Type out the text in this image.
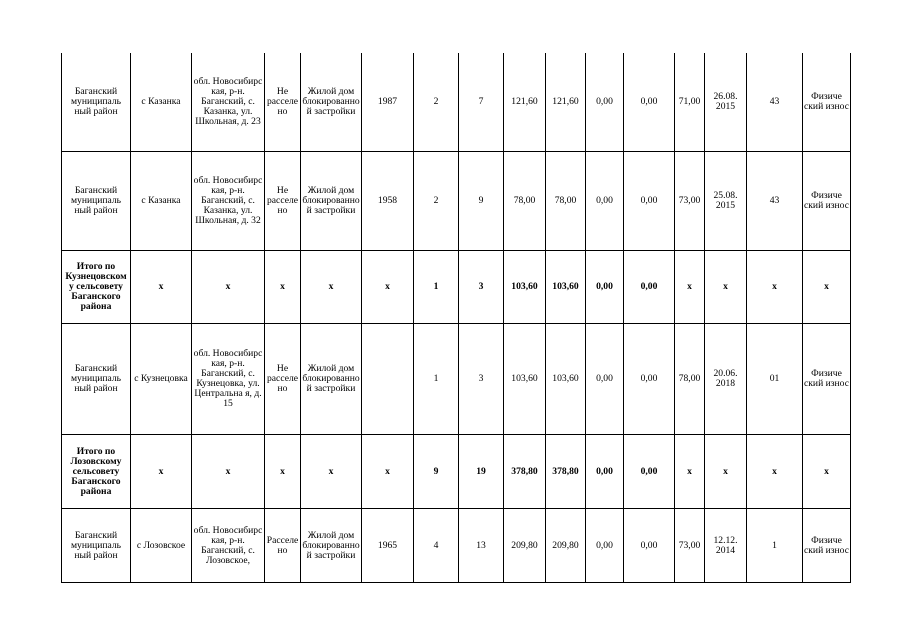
Баганский муниципаль ный район	с Казанка	обл. Новосибирс кая, р-н. Баганский, с. Казанка, ул. Школьная, д. 23	Не расселено	Жилой дом блокированной застройки	1987	2	7	121,60	121,60	0,00	0,00	71,00	26.08. 2015	43	Физиче ский износ
Баганский муниципаль ный район	с Казанка	обл. Новосибирс кая, р-н. Баганский, с. Казанка, ул. Школьная, д. 32	Не расселено	Жилой дом блокированной застройки	1958	2	9	78,00	78,00	0,00	0,00	73,00	25.08. 2015	43	Физиче ский износ
Итого по Кузнецовскому сельсовету Баганского района	x	x	x	x	x	1	3	103,60	103,60	0,00	0,00	x	x	x	x
Баганский муниципаль ный район	с Кузнецовка	обл. Новосибирс кая, р-н. Баганский, с. Кузнецовка, ул. Центральна я, д. 15	Не расселено	Жилой дом блокированной застройки		1	3	103,60	103,60	0,00	0,00	78,00	20.06. 2018	01	Физиче ский износ
Итого по Лозовскому сельсовету Баганского района	x	x	x	x	x	9	19	378,80	378,80	0,00	0,00	x	x	x	x
Баганский муниципаль ный район	с Лозовское	обл. Новосибирс кая, р-н. Баганский, с. Лозовское,	Расселено	Жилой дом блокированной застройки	1965	4	13	209,80	209,80	0,00	0,00	73,00	12.12. 2014	1	Физиче ский износ
